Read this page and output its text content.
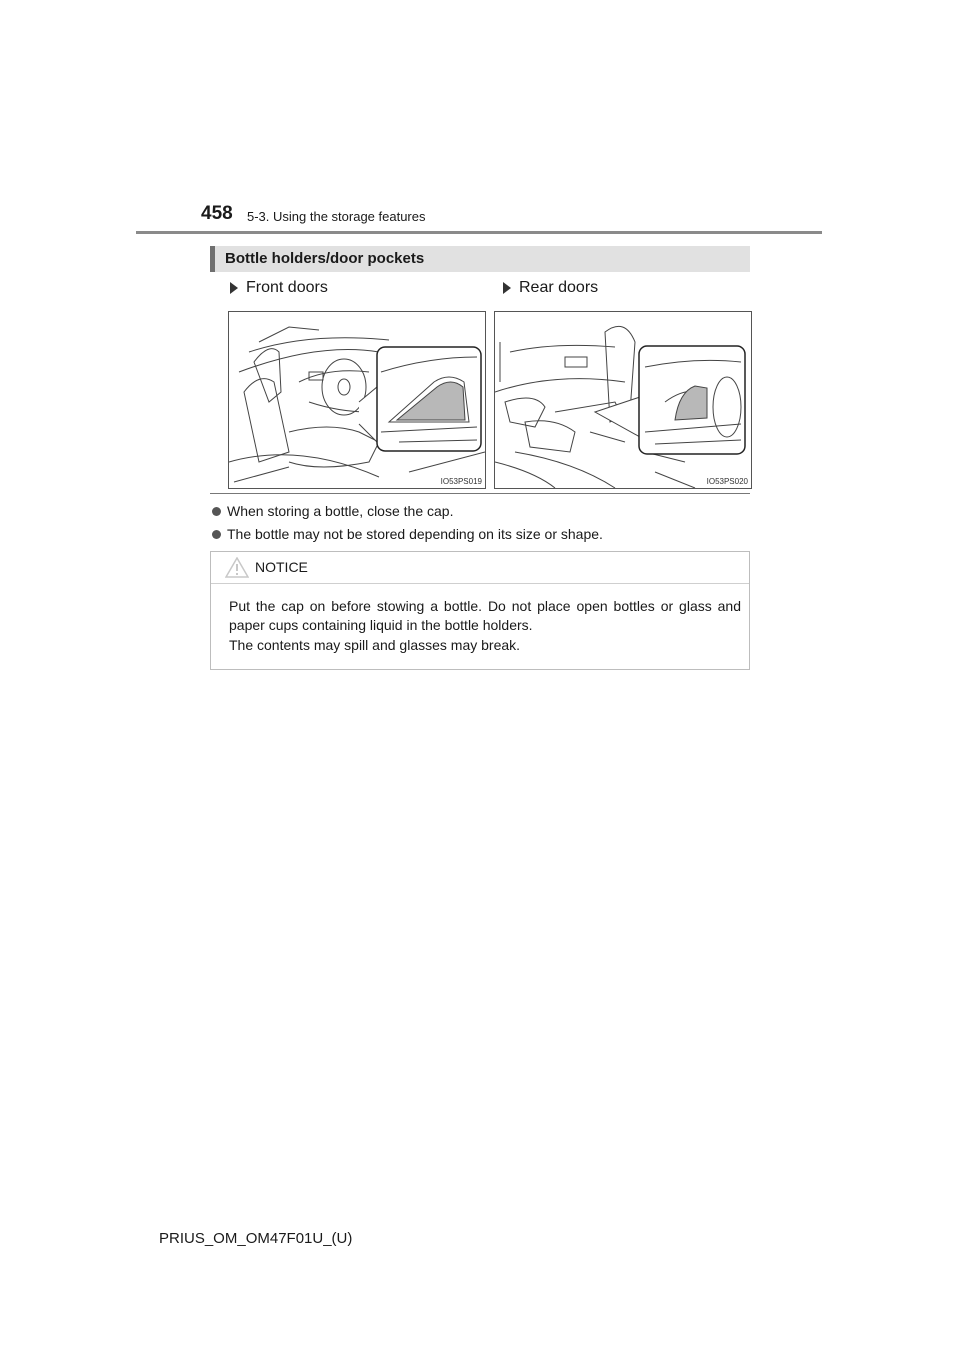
458 5-3. Using the storage features
Bottle holders/door pockets
Front doors	Rear doors
IO53PS019	IO53PS020
When storing a bottle, close the cap.
The bottle may not be stored depending on its size or shape.
NOTICE
Put the cap on before stowing a bottle. Do not place open bottles or glass and paper cups containing liquid in the bottle holders.
The contents may spill and glasses may break.
PRIUS_OM_OM47F01U_(U)
